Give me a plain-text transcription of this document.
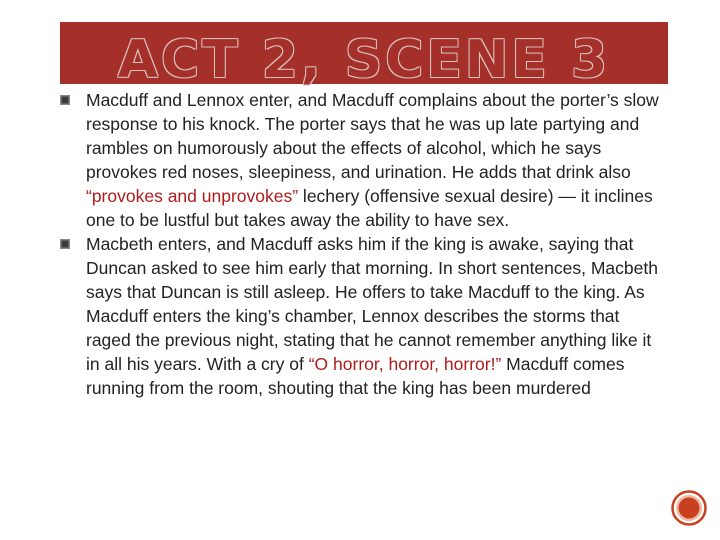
ACT 2, SCENE 3
Macduff and Lennox enter, and Macduff complains about the porter’s slow response to his knock. The porter says that he was up late partying and rambles on humorously about the effects of alcohol, which he says provokes red noses, sleepiness, and urination. He adds that drink also “provokes and unprovokes” lechery (offensive sexual desire) — it inclines one to be lustful but takes away the ability to have sex.
Macbeth enters, and Macduff asks him if the king is awake, saying that Duncan asked to see him early that morning. In short sentences, Macbeth says that Duncan is still asleep. He offers to take Macduff to the king. As Macduff enters the king’s chamber, Lennox describes the storms that raged the previous night, stating that he cannot remember anything like it in all his years. With a cry of “O horror, horror, horror!” Macduff comes running from the room, shouting that the king has been murdered
